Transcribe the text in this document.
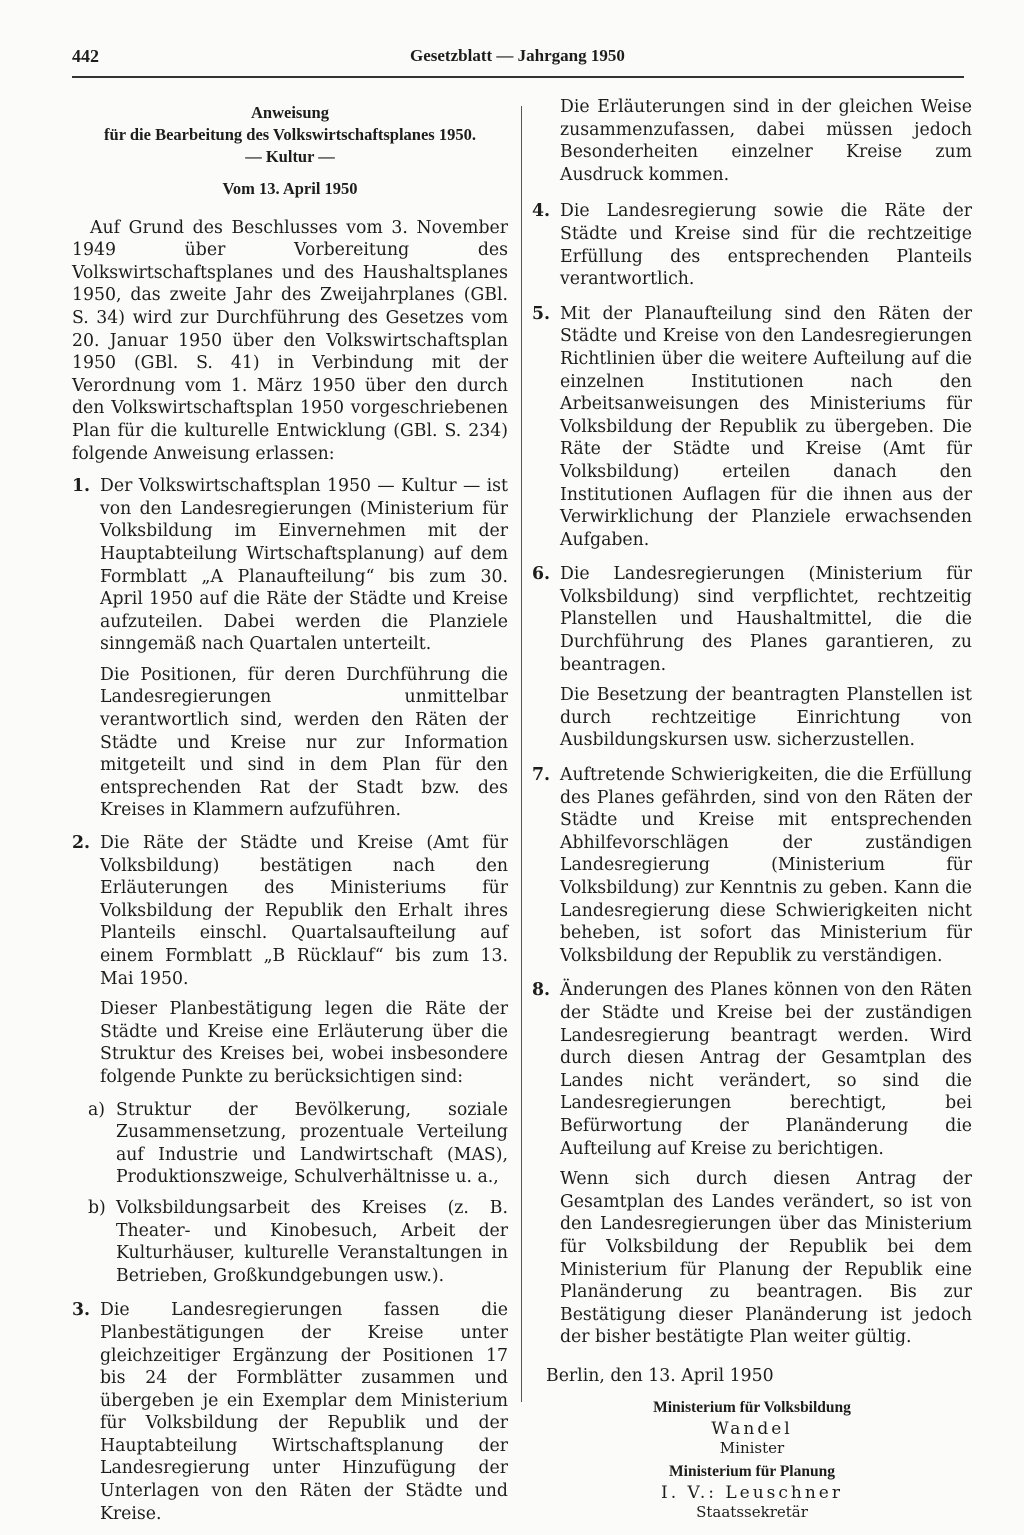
442	Gesetzblatt — Jahrgang 1950
Anweisung
für die Bearbeitung des Volkswirtschaftsplanes 1950.
— Kultur —
Vom 13. April 1950

Auf Grund des Beschlusses vom 3. November 1949 über Vorbereitung des Volkswirtschaftsplanes und des Haushaltsplanes 1950, das zweite Jahr des Zweijahrplanes (GBl. S. 34) wird zur Durchführung des Gesetzes vom 20. Januar 1950 über den Volkswirtschaftsplan 1950 (GBl. S. 41) in Verbindung mit der Verordnung vom 1. März 1950 über den durch den Volkswirtschaftsplan 1950 vorgeschriebenen Plan für die kulturelle Entwicklung (GBl. S. 234) folgende Anweisung erlassen:

1. Der Volkswirtschaftsplan 1950 — Kultur — ist von den Landesregierungen (Ministerium für Volksbildung im Einvernehmen mit der Hauptabteilung Wirtschaftsplanung) auf dem Formblatt „A Planaufteilung“ bis zum 30. April 1950 auf die Räte der Städte und Kreise aufzuteilen. Dabei werden die Planziele sinngemäß nach Quartalen unterteilt.

Die Positionen, für deren Durchführung die Landesregierungen unmittelbar verantwortlich sind, werden den Räten der Städte und Kreise nur zur Information mitgeteilt und sind in dem Plan für den entsprechenden Rat der Stadt bzw. des Kreises in Klammern aufzuführen.

2. Die Räte der Städte und Kreise (Amt für Volksbildung) bestätigen nach den Erläuterungen des Ministeriums für Volksbildung der Republik den Erhalt ihres Planteils einschl. Quartalsaufteilung auf einem Formblatt „B Rücklauf“ bis zum 13. Mai 1950.

Dieser Planbestätigung legen die Räte der Städte und Kreise eine Erläuterung über die Struktur des Kreises bei, wobei insbesondere folgende Punkte zu berücksichtigen sind:

a) Struktur der Bevölkerung, soziale Zusammensetzung, prozentuale Verteilung auf Industrie und Landwirtschaft (MAS), Produktionszweige, Schulverhältnisse u. a.,

b) Volksbildungsarbeit des Kreises (z. B. Theater- und Kinobesuch, Arbeit der Kulturhäuser, kulturelle Veranstaltungen in Betrieben, Großkundgebungen usw.).

3. Die Landesregierungen fassen die Planbestätigungen der Kreise unter gleichzeitiger Ergänzung der Positionen 17 bis 24 der Formblätter zusammen und übergeben je ein Exemplar dem Ministerium für Volksbildung der Republik und der Hauptabteilung Wirtschaftsplanung der Landesregierung unter Hinzufügung der Unterlagen von den Räten der Städte und Kreise.

Die Erläuterungen sind in der gleichen Weise zusammenzufassen, dabei müssen jedoch Besonderheiten einzelner Kreise zum Ausdruck kommen.

4. Die Landesregierung sowie die Räte der Städte und Kreise sind für die rechtzeitige Erfüllung des entsprechenden Planteils verantwortlich.

5. Mit der Planaufteilung sind den Räten der Städte und Kreise von den Landesregierungen Richtlinien über die weitere Aufteilung auf die einzelnen Institutionen nach den Arbeitsanweisungen des Ministeriums für Volksbildung der Republik zu übergeben. Die Räte der Städte und Kreise (Amt für Volksbildung) erteilen danach den Institutionen Auflagen für die ihnen aus der Verwirklichung der Planziele erwachsenden Aufgaben.

6. Die Landesregierungen (Ministerium für Volksbildung) sind verpflichtet, rechtzeitig Planstellen und Haushaltmittel, die die Durchführung des Planes garantieren, zu beantragen.

Die Besetzung der beantragten Planstellen ist durch rechtzeitige Einrichtung von Ausbildungskursen usw. sicherzustellen.

7. Auftretende Schwierigkeiten, die die Erfüllung des Planes gefährden, sind von den Räten der Städte und Kreise mit entsprechenden Abhilfevorschlägen der zuständigen Landesregierung (Ministerium für Volksbildung) zur Kenntnis zu geben. Kann die Landesregierung diese Schwierigkeiten nicht beheben, ist sofort das Ministerium für Volksbildung der Republik zu verständigen.

8. Änderungen des Planes können von den Räten der Städte und Kreise bei der zuständigen Landesregierung beantragt werden. Wird durch diesen Antrag der Gesamtplan des Landes nicht verändert, so sind die Landesregierungen berechtigt, bei Befürwortung der Planänderung die Aufteilung auf Kreise zu berichtigen.

Wenn sich durch diesen Antrag der Gesamtplan des Landes verändert, so ist von den Landesregierungen über das Ministerium für Volksbildung der Republik bei dem Ministerium für Planung der Republik eine Planänderung zu beantragen. Bis zur Bestätigung dieser Planänderung ist jedoch der bisher bestätigte Plan weiter gültig.

Berlin, den 13. April 1950
Ministerium für Volksbildung
Wandel
Minister
Ministerium für Planung
I. V.: Leuschner
Staatssekretär
